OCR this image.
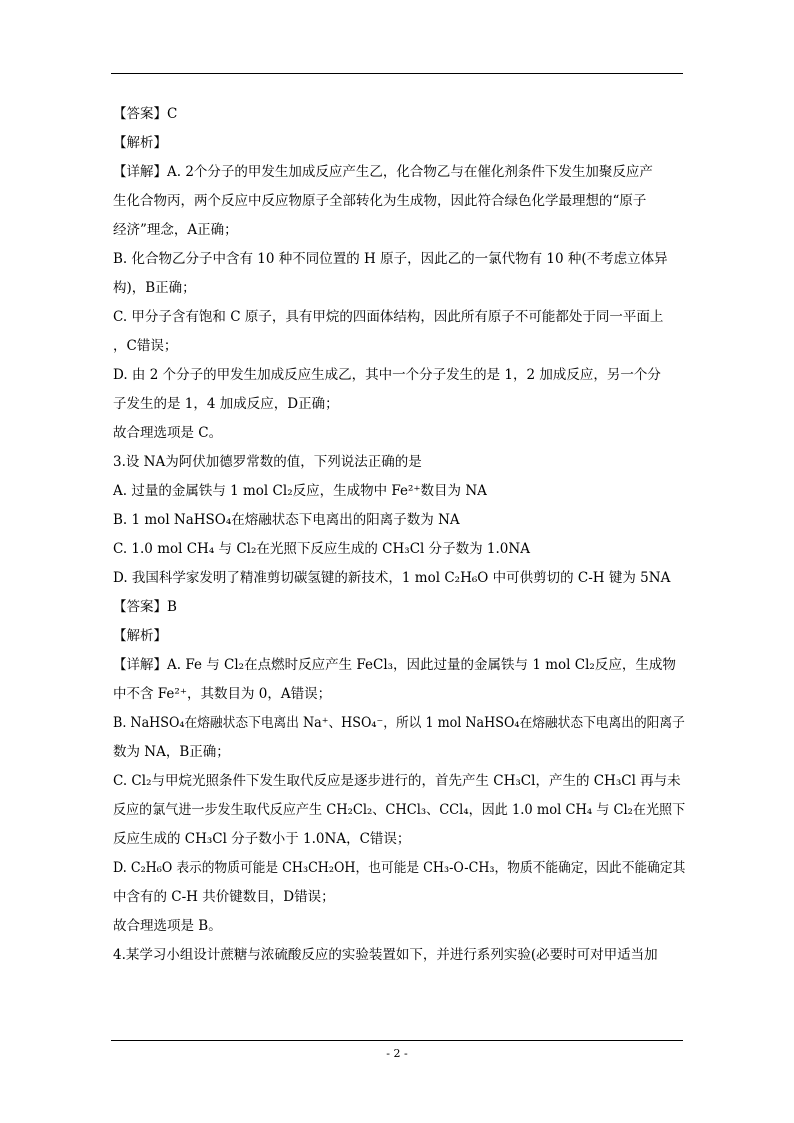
【答案】C
【解析】
【详解】A. 2个分子的甲发生加成反应产生乙，化合物乙与在催化剂条件下发生加聚反应产
生化合物丙，两个反应中反应物原子全部转化为生成物，因此符合绿色化学最理想的“原子
经济”理念，A正确；
B. 化合物乙分子中含有 10 种不同位置的 H 原子，因此乙的一氯代物有 10 种(不考虑立体异
构)，B正确；
C. 甲分子含有饱和 C 原子，具有甲烷的四面体结构，因此所有原子不可能都处于同一平面上
，C错误；
D. 由 2 个分子的甲发生加成反应生成乙，其中一个分子发生的是 1，2 加成反应，另一个分
子发生的是 1，4 加成反应，D正确；
故合理选项是 C。
3.设 NA为阿伏加德罗常数的值，下列说法正确的是
A. 过量的金属铁与 1 mol Cl₂反应，生成物中 Fe²⁺数目为 NA
B. 1 mol NaHSO₄在熔融状态下电离出的阳离子数为 NA
C. 1.0 mol CH₄ 与 Cl₂在光照下反应生成的 CH₃Cl 分子数为 1.0NA
D. 我国科学家发明了精准剪切碳氢键的新技术，1 mol C₂H₆O 中可供剪切的 C-H 键为 5NA
【答案】B
【解析】
【详解】A. Fe 与 Cl₂在点燃时反应产生 FeCl₃，因此过量的金属铁与 1 mol Cl₂反应，生成物
中不含 Fe²⁺，其数目为 0，A错误；
B. NaHSO₄在熔融状态下电离出 Na⁺、HSO₄⁻，所以 1 mol NaHSO₄在熔融状态下电离出的阳离子
数为 NA，B正确；
C. Cl₂与甲烷光照条件下发生取代反应是逐步进行的，首先产生 CH₃Cl，产生的 CH₃Cl 再与未
反应的氯气进一步发生取代反应产生 CH₂Cl₂、CHCl₃、CCl₄，因此 1.0 mol CH₄ 与 Cl₂在光照下
反应生成的 CH₃Cl 分子数小于 1.0NA，C错误；
D. C₂H₆O 表示的物质可能是 CH₃CH₂OH，也可能是 CH₃-O-CH₃，物质不能确定，因此不能确定其
中含有的 C-H 共价键数目，D错误；
故合理选项是 B。
4.某学习小组设计蔗糖与浓硫酸反应的实验装置如下，并进行系列实验(必要时可对甲适当加
- 2 -
